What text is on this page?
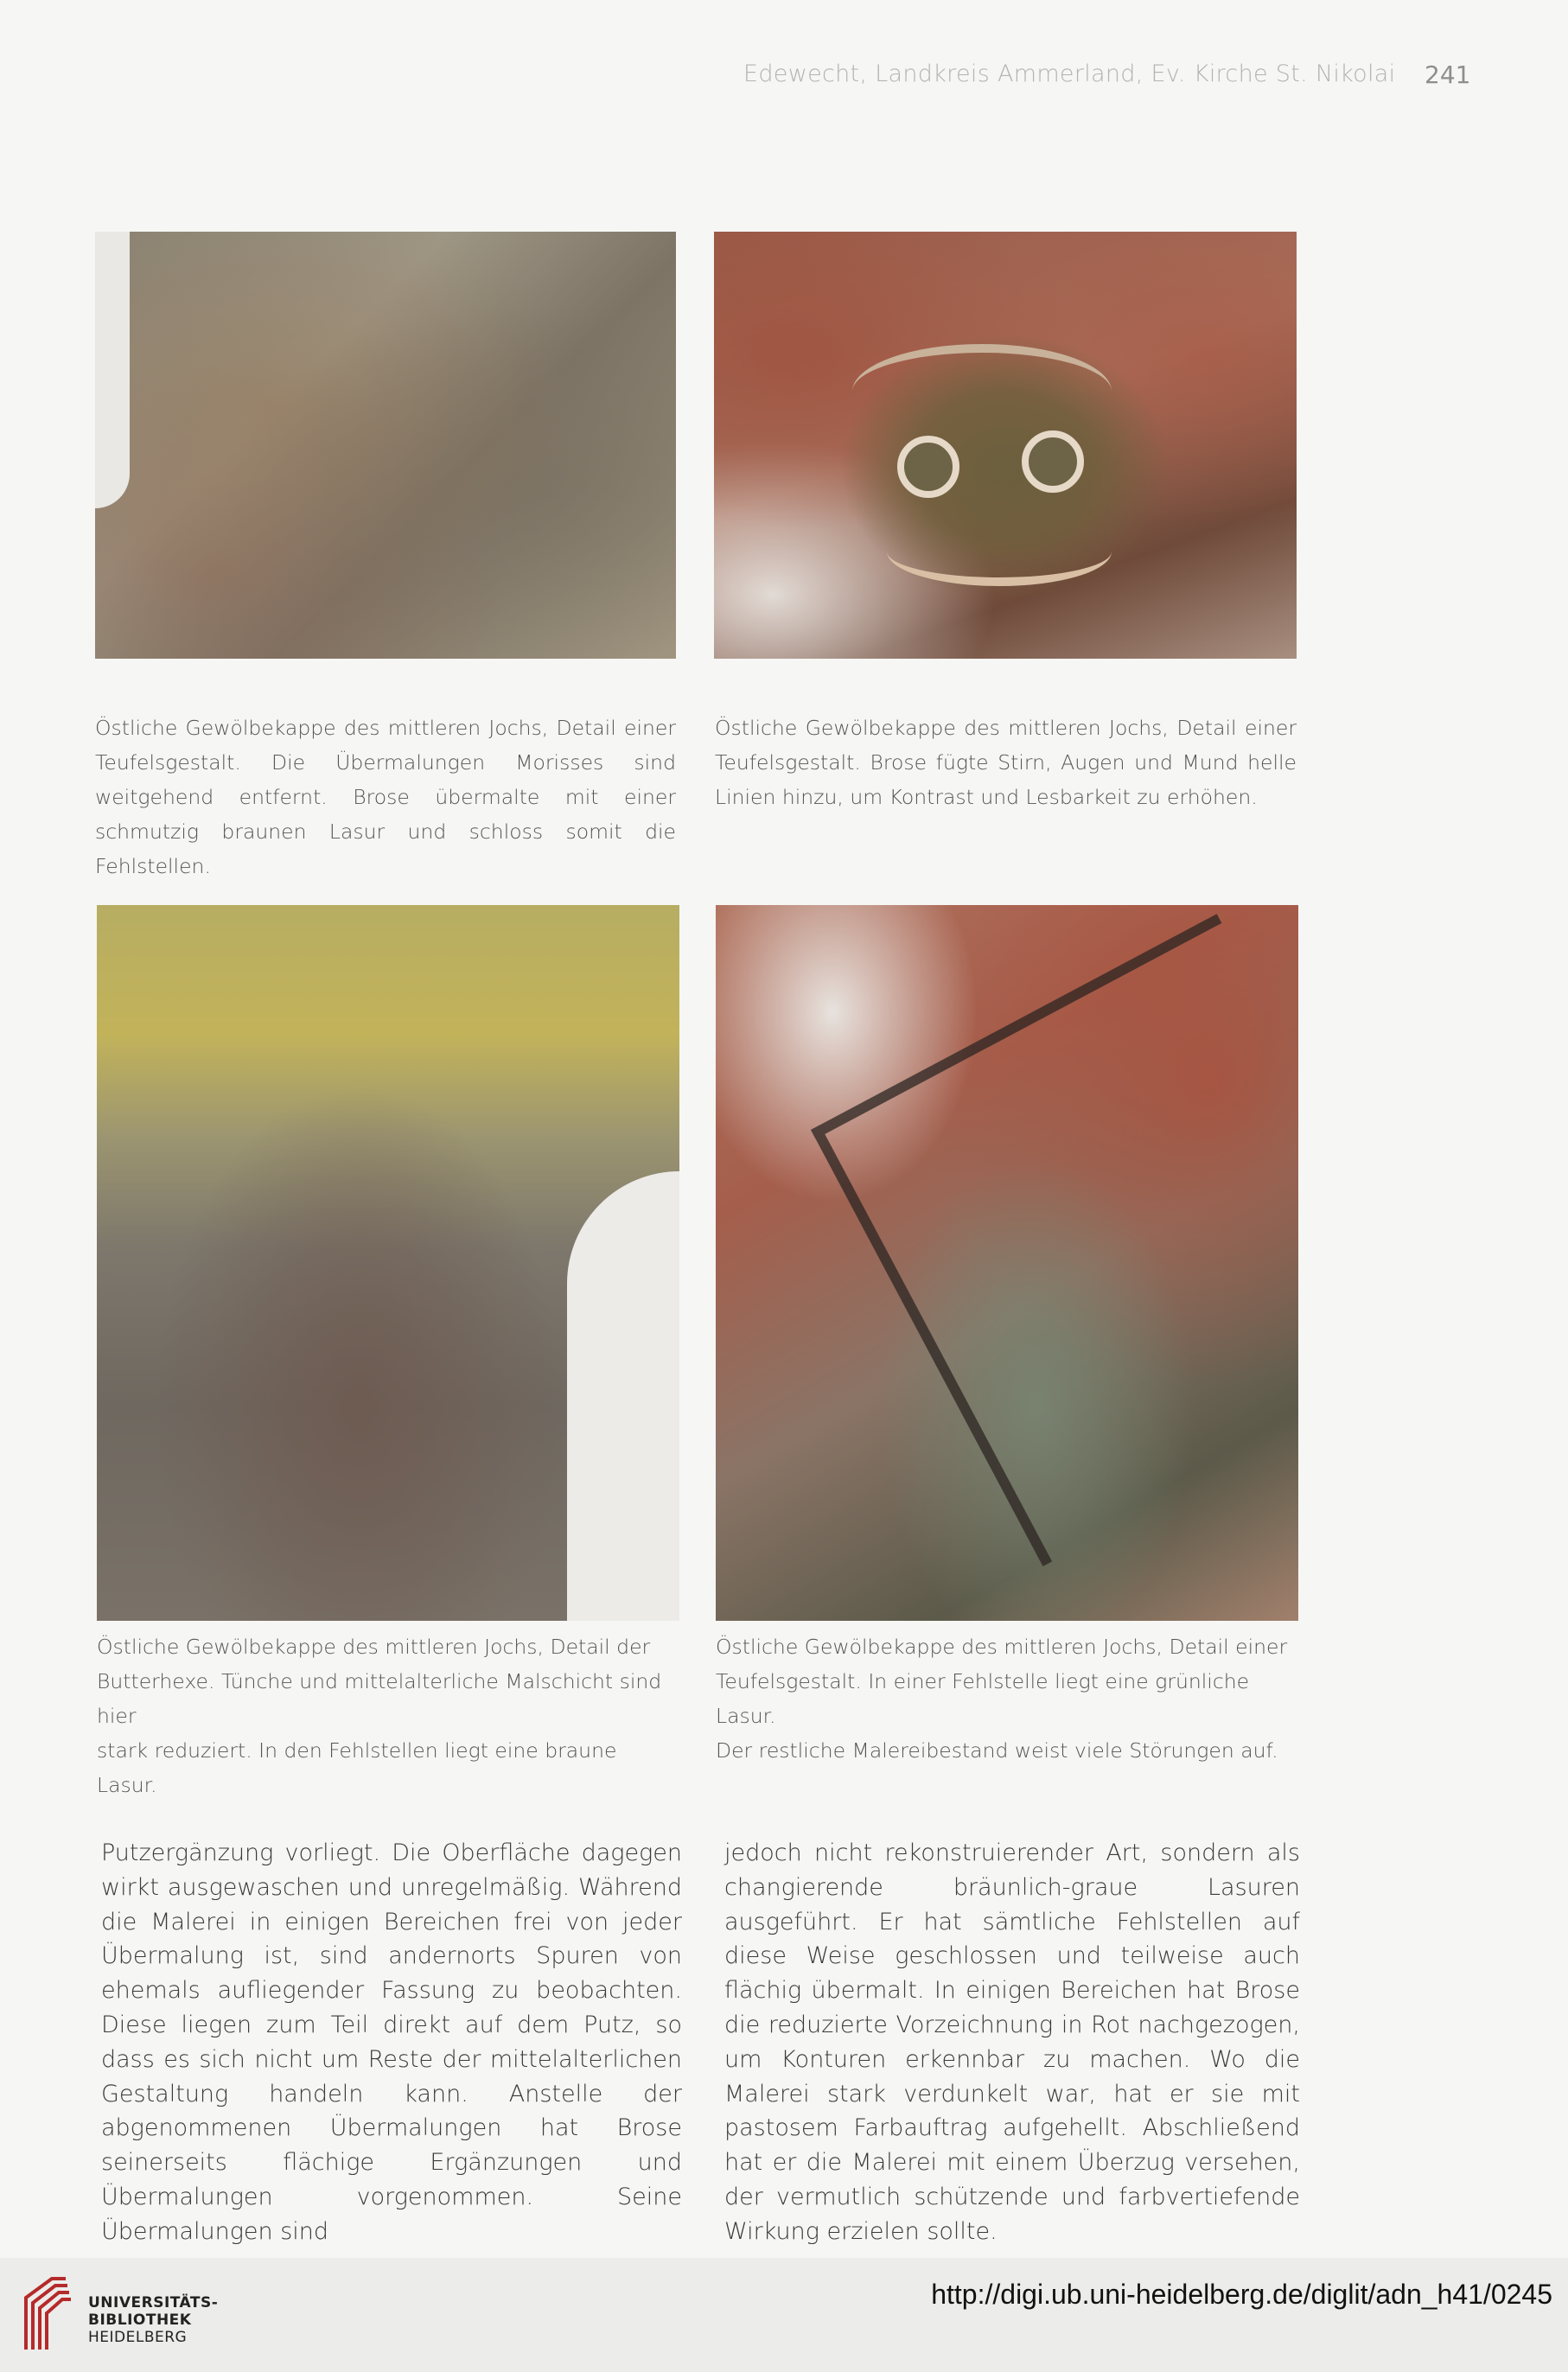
Edewecht, Landkreis Ammerland, Ev. Kirche St. Nikolai 241

Östliche Gewölbekappe des mittleren Jochs, Detail einer Teufelsgestalt. Die Übermalungen Morisses sind weitgehend entfernt. Brose übermalte mit einer schmutzig braunen Lasur und schloss somit die Fehlstellen.

Östliche Gewölbekappe des mittleren Jochs, Detail einer Teufelsgestalt. Brose fügte Stirn, Augen und Mund helle Linien hinzu, um Kontrast und Lesbarkeit zu erhöhen.

Östliche Gewölbekappe des mittleren Jochs, Detail der
Butterhexe. Tünche und mittelalterliche Malschicht sind hier
stark reduziert. In den Fehlstellen liegt eine braune Lasur.

Östliche Gewölbekappe des mittleren Jochs, Detail einer
Teufelsgestalt. In einer Fehlstelle liegt eine grünliche Lasur.
Der restliche Malereibestand weist viele Störungen auf.

Putzergänzung vorliegt. Die Oberfläche dagegen wirkt ausgewaschen und unregelmäßig. Während die Malerei in einigen Bereichen frei von jeder Übermalung ist, sind andernorts Spuren von ehemals aufliegender Fassung zu beobachten. Diese liegen zum Teil direkt auf dem Putz, so dass es sich nicht um Reste der mittelalterlichen Gestaltung handeln kann. Anstelle der abgenommenen Übermalungen hat Brose seinerseits flächige Ergänzungen und Übermalungen vorgenommen. Seine Übermalungen sind

jedoch nicht rekonstruierender Art, sondern als changierende bräunlich-graue Lasuren ausgeführt. Er hat sämtliche Fehlstellen auf diese Weise geschlossen und teilweise auch flächig übermalt. In einigen Bereichen hat Brose die reduzierte Vorzeichnung in Rot nachgezogen, um Konturen erkennbar zu machen. Wo die Malerei stark verdunkelt war, hat er sie mit pastosem Farbauftrag aufgehellt. Abschließend hat er die Malerei mit einem Überzug versehen, der vermutlich schützende und farbvertiefende Wirkung erzielen sollte.

UNIVERSITÄTS-
BIBLIOTHEK
HEIDELBERG
http://digi.ub.uni-heidelberg.de/diglit/adn_h41/0245
